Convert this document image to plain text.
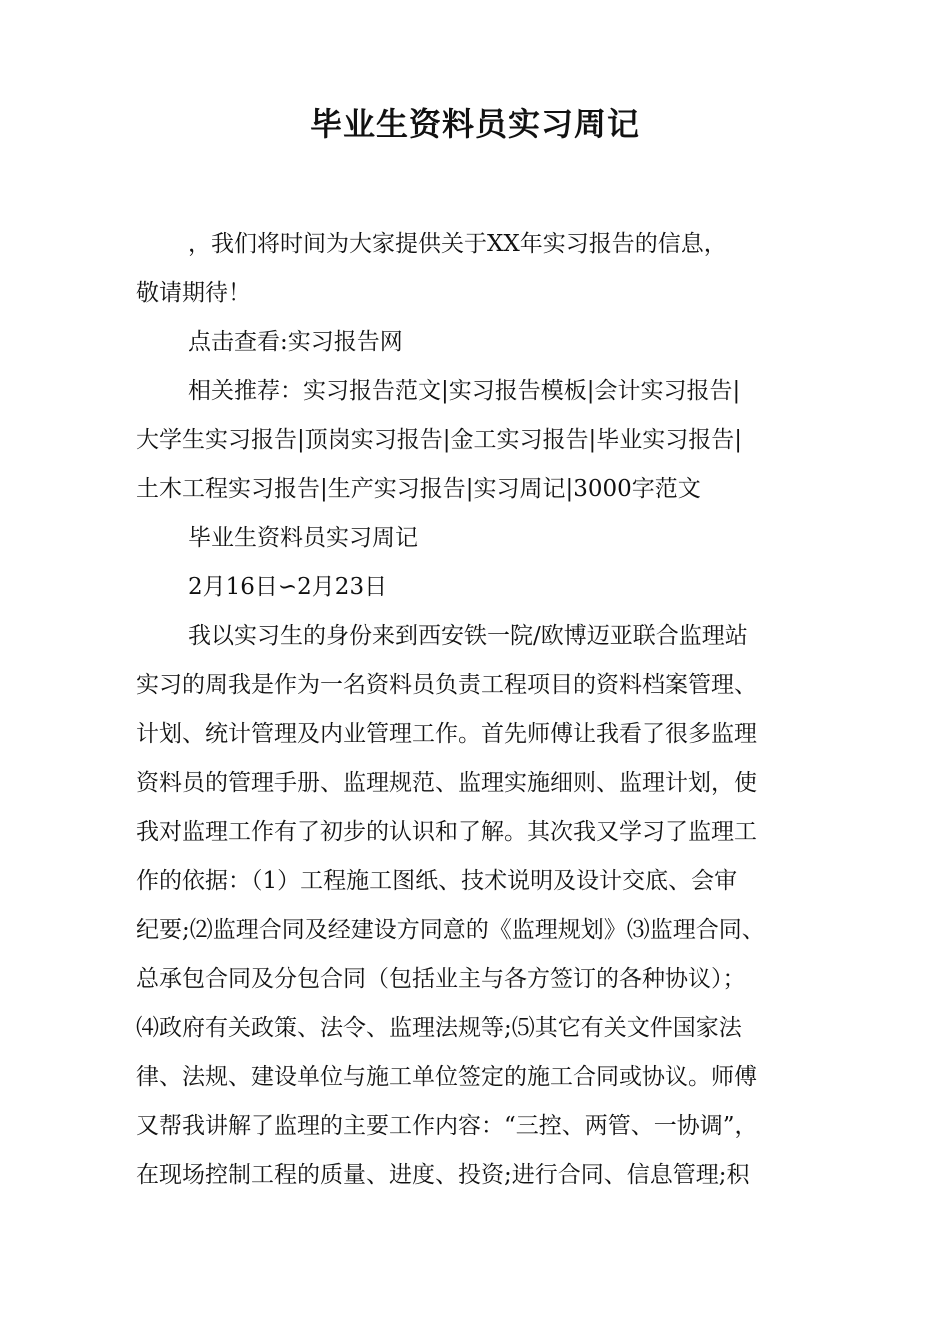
毕业生资料员实习周记
，我们将时间为大家提供关于XX年实习报告的信息，
敬请期待！
点击查看:实习报告网
相关推荐：实习报告范文|实习报告模板|会计实习报告|
大学生实习报告|顶岗实习报告|金工实习报告|毕业实习报告|
土木工程实习报告|生产实习报告|实习周记|3000字范文
毕业生资料员实习周记
2月16日∽2月23日
我以实习生的身份来到西安铁一院/欧博迈亚联合监理站
实习的周我是作为一名资料员负责工程项目的资料档案管理、
计划、统计管理及内业管理工作。首先师傅让我看了很多监理
资料员的管理手册、监理规范、监理实施细则、监理计划，使
我对监理工作有了初步的认识和了解。其次我又学习了监理工
作的依据：（1）工程施工图纸、技术说明及设计交底、会审
纪要;⑵监理合同及经建设方同意的《监理规划》⑶监理合同、
总承包合同及分包合同（包括业主与各方签订的各种协议）；
⑷政府有关政策、法令、监理法规等;⑸其它有关文件国家法
律、法规、建设单位与施工单位签定的施工合同或协议。师傅
又帮我讲解了监理的主要工作内容：“三控、两管、一协调”，
在现场控制工程的质量、进度、投资;进行合同、信息管理;积
